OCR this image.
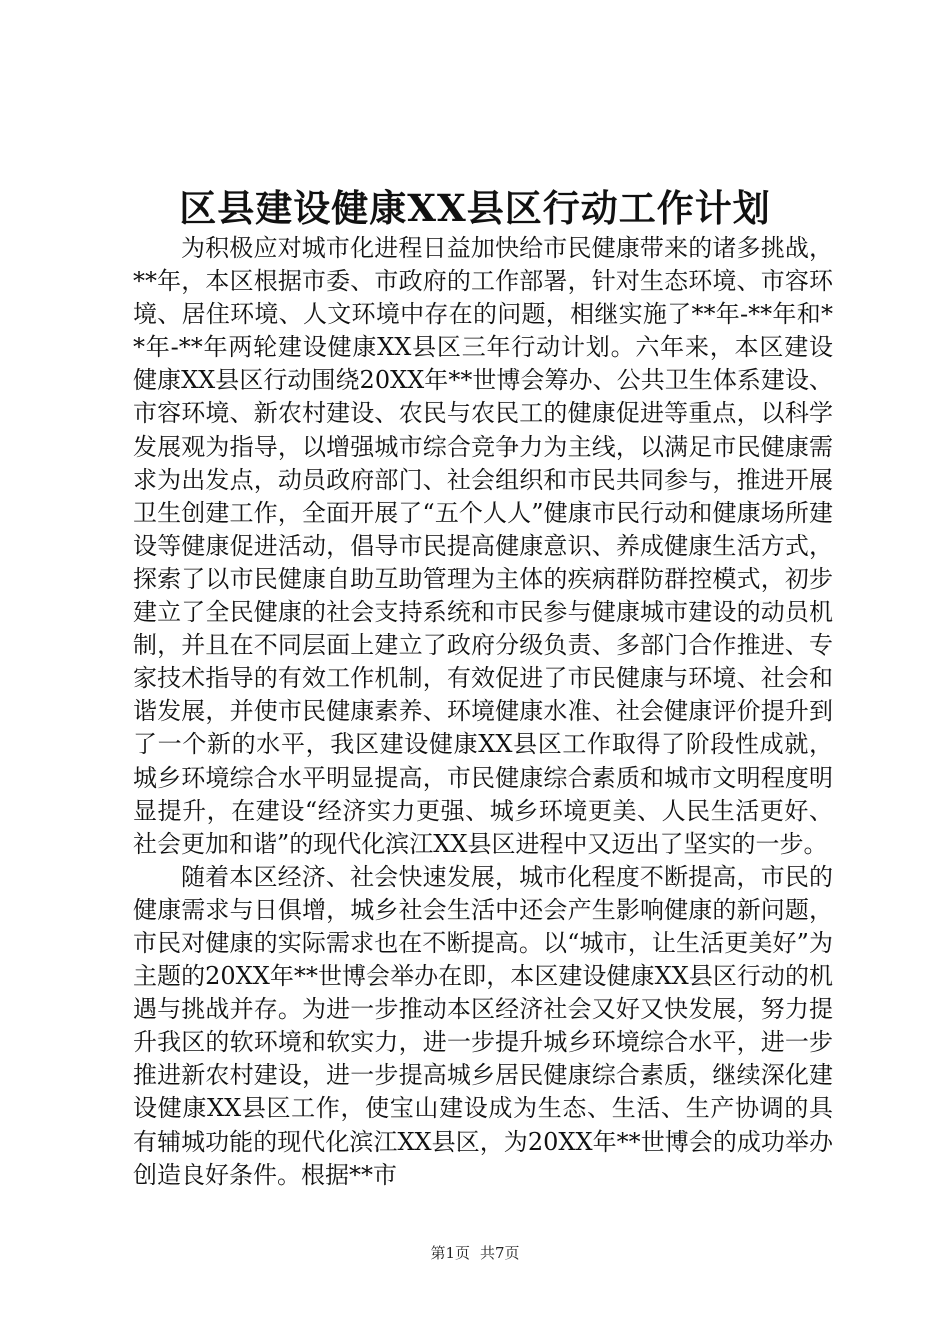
区县建设健康XX县区行动工作计划

为积极应对城市化进程日益加快给市民健康带来的诸多挑战，**年，本区根据市委、市政府的工作部署，针对生态环境、市容环境、居住环境、人文环境中存在的问题，相继实施了**年-**年和**年-**年两轮建设健康XX县区三年行动计划。六年来，本区建设健康XX县区行动围绕20XX年**世博会筹办、公共卫生体系建设、市容环境、新农村建设、农民与农民工的健康促进等重点，以科学发展观为指导，以增强城市综合竞争力为主线，以满足市民健康需求为出发点，动员政府部门、社会组织和市民共同参与，推进开展卫生创建工作，全面开展了“五个人人”健康市民行动和健康场所建设等健康促进活动，倡导市民提高健康意识、养成健康生活方式，探索了以市民健康自助互助管理为主体的疾病群防群控模式，初步建立了全民健康的社会支持系统和市民参与健康城市建设的动员机制，并且在不同层面上建立了政府分级负责、多部门合作推进、专家技术指导的有效工作机制，有效促进了市民健康与环境、社会和谐发展，并使市民健康素养、环境健康水准、社会健康评价提升到了一个新的水平，我区建设健康XX县区工作取得了阶段性成就，城乡环境综合水平明显提高，市民健康综合素质和城市文明程度明显提升，在建设“经济实力更强、城乡环境更美、人民生活更好、社会更加和谐”的现代化滨江XX县区进程中又迈出了坚实的一步。

随着本区经济、社会快速发展，城市化程度不断提高，市民的健康需求与日俱增，城乡社会生活中还会产生影响健康的新问题，市民对健康的实际需求也在不断提高。以“城市，让生活更美好”为主题的20XX年**世博会举办在即，本区建设健康XX县区行动的机遇与挑战并存。为进一步推动本区经济社会又好又快发展，努力提升我区的软环境和软实力，进一步提升城乡环境综合水平，进一步推进新农村建设，进一步提高城乡居民健康综合素质，继续深化建设健康XX县区工作，使宝山建设成为生态、生活、生产协调的具有辅城功能的现代化滨江XX县区，为20XX年**世博会的成功举办创造良好条件。根据**市

第1页 共7页
